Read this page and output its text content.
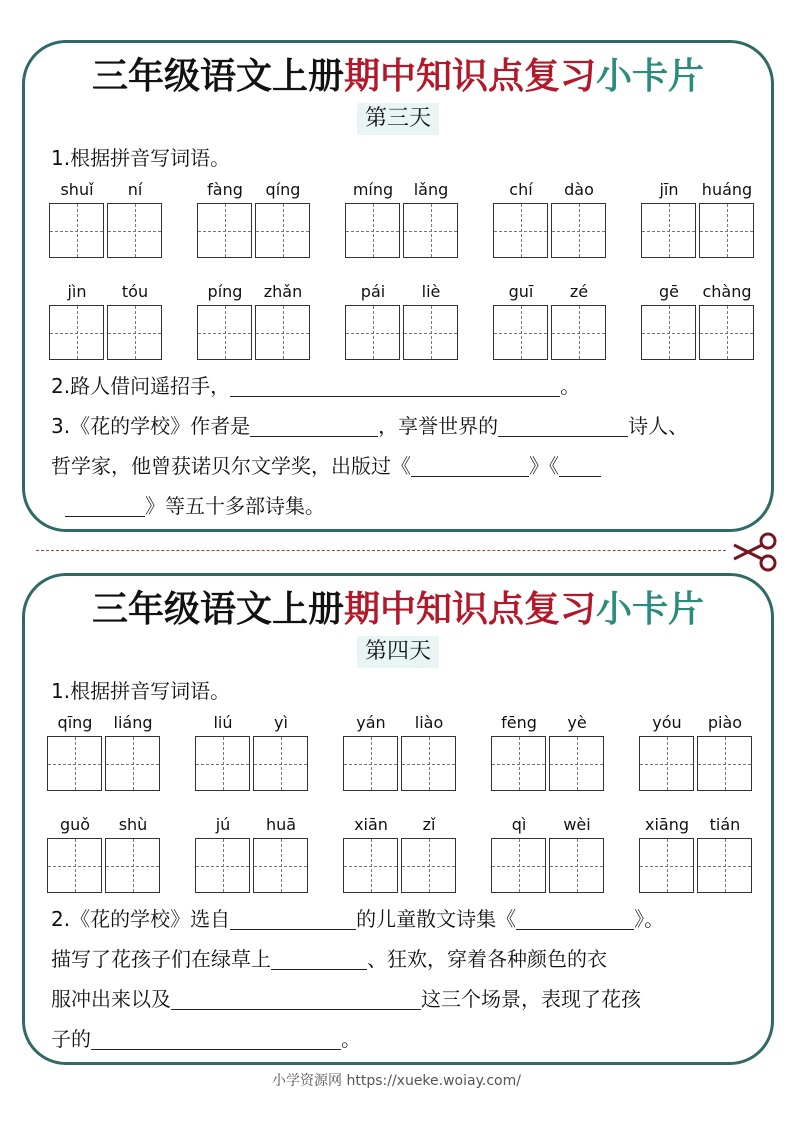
三年级语文上册期中知识点复习小卡片
第三天
1.根据拼音写词语。
shuǐ	ní	fàng	qíng	míng	lǎng	chí	dào	jīn	huáng
jìn	tóu	píng	zhǎn	pái	liè	guī	zé	gē	chàng
2.路人借问遥招手，	。
3.《花的学校》作者是	，享誉世界的	诗人、
哲学家，他曾获诺贝尔文学奖，出版过《	》《
》等五十多部诗集。
三年级语文上册期中知识点复习小卡片
第四天
1.根据拼音写词语。
qīng	liáng	liú	yì	yán	liào	fēng	yè	yóu	piào
guǒ	shù	jú	huā	xiān	zǐ	qì	wèi	xiāng	tián
2.《花的学校》选自	的儿童散文诗集《	》。
描写了花孩子们在绿草上	、狂欢，穿着各种颜色的衣
服冲出来以及	这三个场景，表现了花孩
子的	。
小学资源网 https://xueke.woiay.com/
